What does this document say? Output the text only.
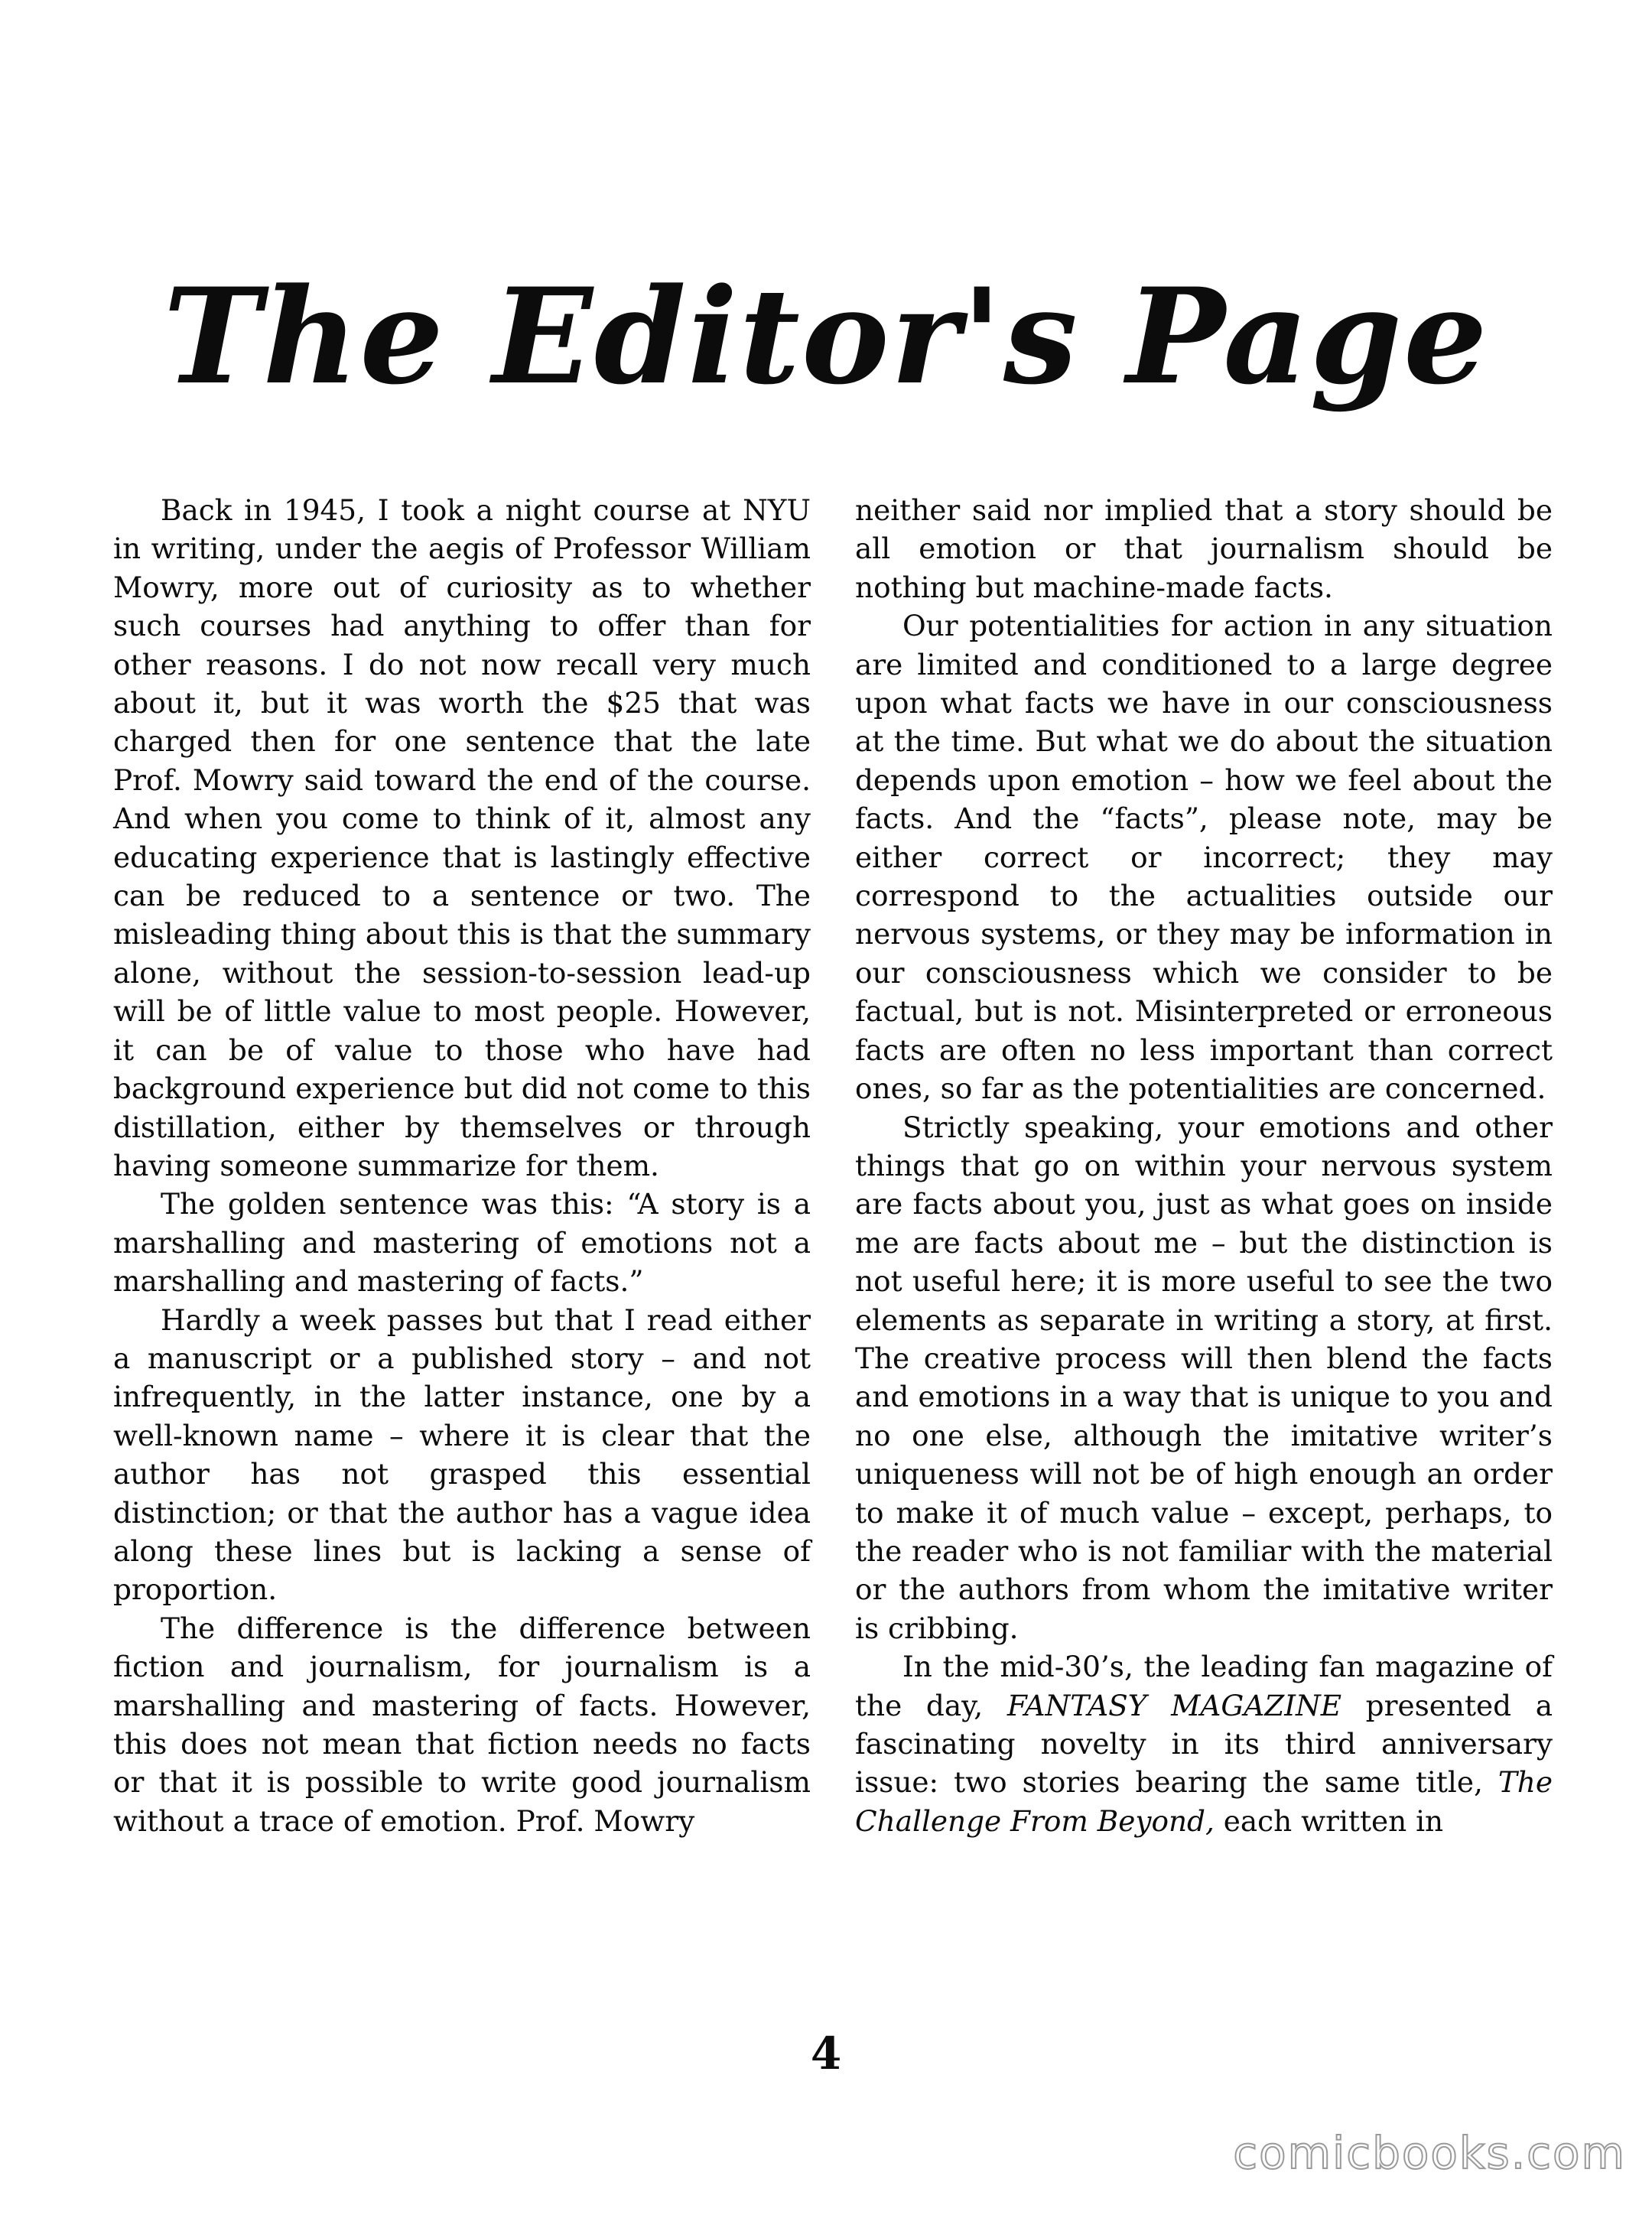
The Editor's Page

Back in 1945, I took a night course at NYU in writing, under the aegis of Professor William Mowry, more out of curiosity as to whether such courses had anything to offer than for other reasons. I do not now recall very much about it, but it was worth the $25 that was charged then for one sentence that the late Prof. Mowry said toward the end of the course. And when you come to think of it, almost any educating experience that is lastingly effective can be reduced to a sentence or two. The misleading thing about this is that the summary alone, without the session-to-session lead-up will be of little value to most people. However, it can be of value to those who have had background experience but did not come to this distillation, either by themselves or through having someone summarize for them.

The golden sentence was this: “A story is a marshalling and mastering of emotions not a marshalling and mastering of facts.”

Hardly a week passes but that I read either a manuscript or a published story – and not infrequently, in the latter instance, one by a well-known name – where it is clear that the author has not grasped this essential distinction; or that the author has a vague idea along these lines but is lacking a sense of proportion.

The difference is the difference between fiction and journalism, for journalism is a marshalling and mastering of facts. However, this does not mean that fiction needs no facts or that it is possible to write good journalism without a trace of emotion. Prof. Mowry

neither said nor implied that a story should be all emotion or that journalism should be nothing but machine-made facts.

Our potentialities for action in any situation are limited and conditioned to a large degree upon what facts we have in our consciousness at the time. But what we do about the situation depends upon emotion – how we feel about the facts. And the “facts”, please note, may be either correct or incorrect; they may correspond to the actualities outside our nervous systems, or they may be information in our consciousness which we consider to be factual, but is not. Misinterpreted or erroneous facts are often no less important than correct ones, so far as the potentialities are concerned.

Strictly speaking, your emotions and other things that go on within your nervous system are facts about you, just as what goes on inside me are facts about me – but the distinction is not useful here; it is more useful to see the two elements as separate in writing a story, at first. The creative process will then blend the facts and emotions in a way that is unique to you and no one else, although the imitative writer’s uniqueness will not be of high enough an order to make it of much value – except, perhaps, to the reader who is not familiar with the material or the authors from whom the imitative writer is cribbing.

In the mid-30’s, the leading fan magazine of the day, FANTASY MAGAZINE presented a fascinating novelty in its third anniversary issue: two stories bearing the same title, The Challenge From Beyond, each written in

4
comicbooks.com
